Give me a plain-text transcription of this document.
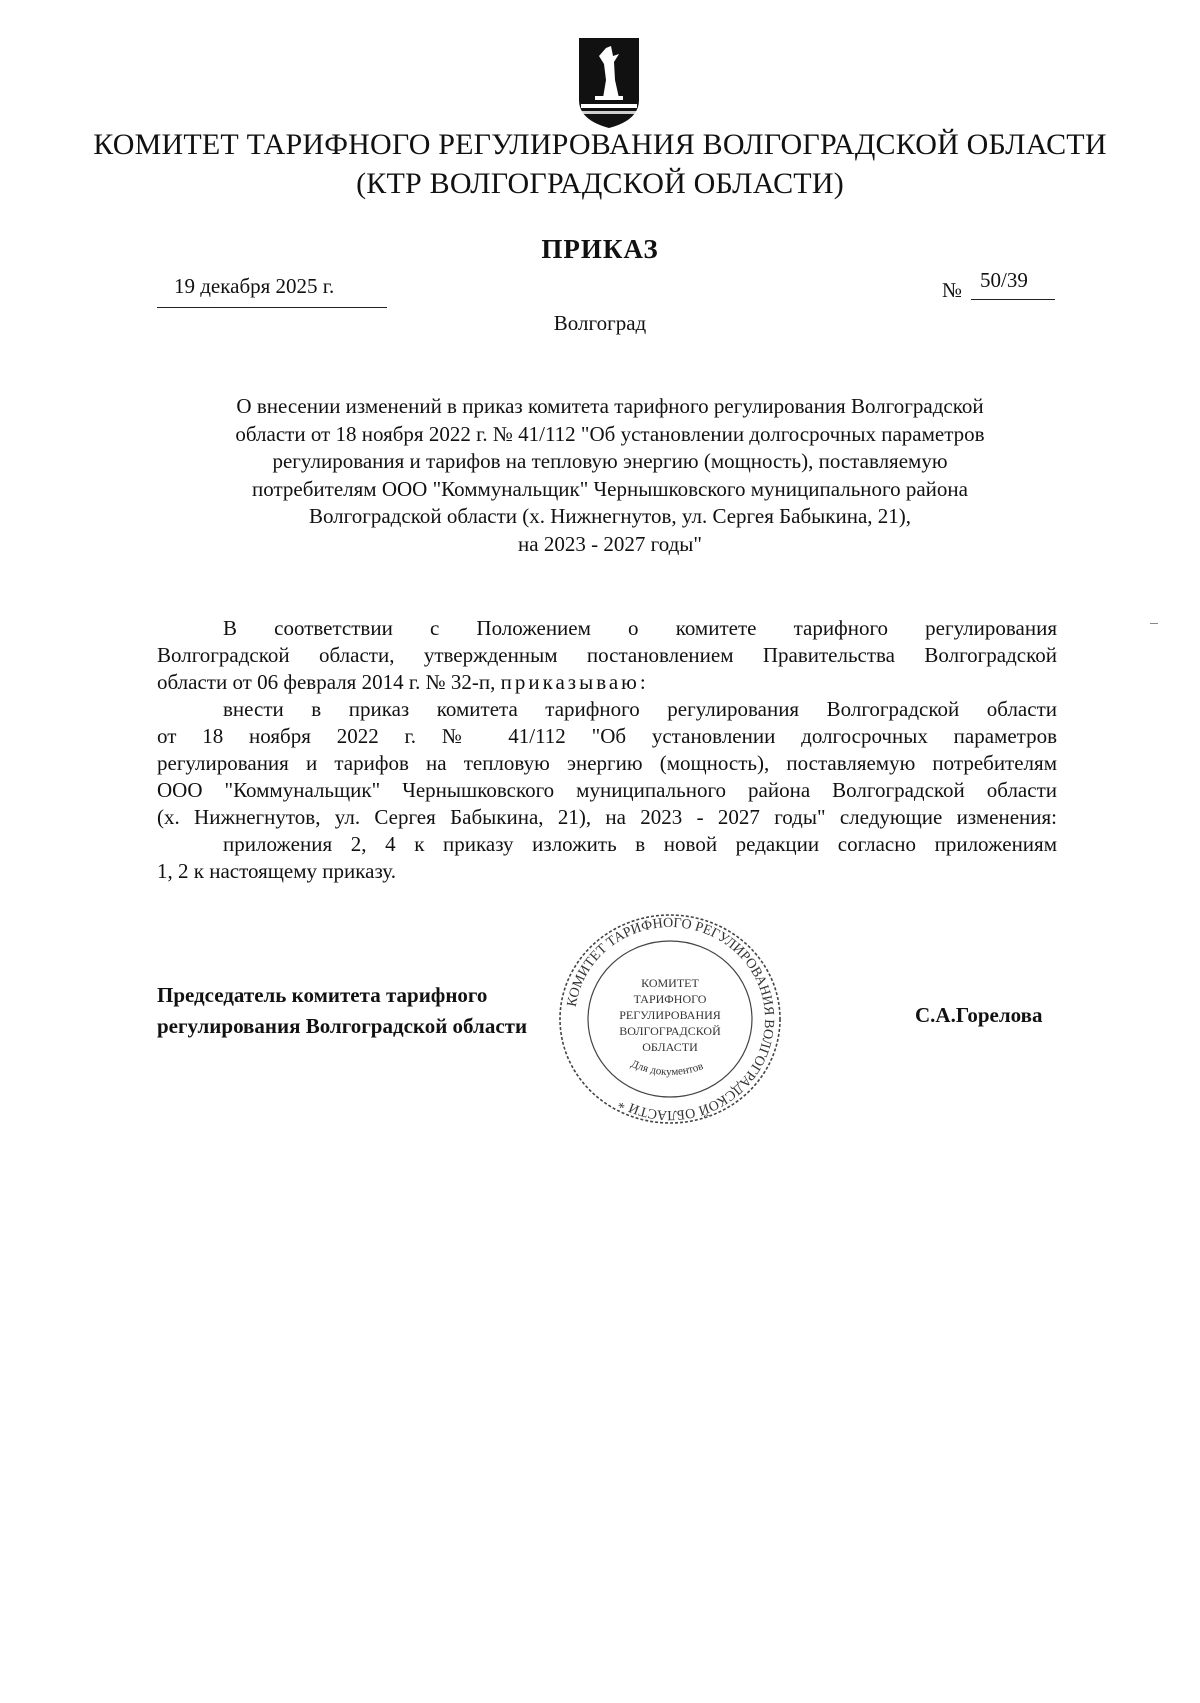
КОМИТЕТ ТАРИФНОГО РЕГУЛИРОВАНИЯ ВОЛГОГРАДСКОЙ ОБЛАСТИ
(КТР ВОЛГОГРАДСКОЙ ОБЛАСТИ)
ПРИКАЗ
19 декабря 2025 г.	№ 50/39
Волгоград
О внесении изменений в приказ комитета тарифного регулирования Волгоградской
области от 18 ноября 2022 г. № 41/112 "Об установлении долгосрочных параметров
регулирования и тарифов на тепловую энергию (мощность), поставляемую
потребителям ООО "Коммунальщик" Чернышковского муниципального района
Волгоградской области (х. Нижнегнутов, ул. Сергея Бабыкина, 21),
на 2023 - 2027 годы"
В соответствии с Положением о комитете тарифного регулирования
Волгоградской области, утвержденным постановлением Правительства Волгоградской
области от 06 февраля 2014 г. № 32-п, приказываю:
внести в приказ комитета тарифного регулирования Волгоградской области
от 18 ноября 2022 г. № 41/112 "Об установлении долгосрочных параметров
регулирования и тарифов на тепловую энергию (мощность), поставляемую потребителям
ООО "Коммунальщик" Чернышковского муниципального района Волгоградской области
(х. Нижнегнутов, ул. Сергея Бабыкина, 21), на 2023 - 2027 годы" следующие изменения:
приложения 2, 4 к приказу изложить в новой редакции согласно приложениям
1, 2 к настоящему приказу.
КОМИТЕТ ТАРИФНОГО РЕГУЛИРОВАНИЯ ВОЛГОГРАДСКОЙ ОБЛАСТИ *
КОМИТЕТ
ТАРИФНОГО
РЕГУЛИРОВАНИЯ
ВОЛГОГРАДСКОЙ
ОБЛАСТИ
Для документов
Председатель комитета тарифного
регулирования Волгоградской области	С.А.Горелова
